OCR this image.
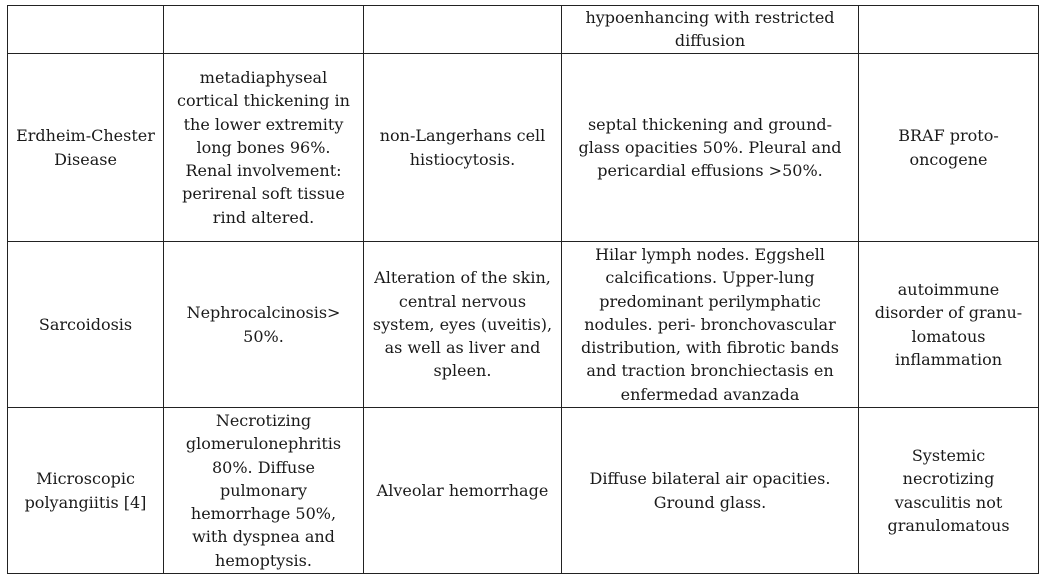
			hypoenhancing with restricted diffusion	

Erdheim-Chester Disease	metadiaphyseal cortical thickening in the lower extremity long bones 96%. Renal involvement: perirenal soft tissue rind altered.	non-Langerhans cell histiocytosis.	septal thickening and ground-glass opacities 50%. Pleural and pericardial effusions >50%.	BRAF proto-oncogene

Sarcoidosis	Nephrocalcinosis> 50%.	Alteration of the skin, central nervous system, eyes (uveitis), as well as liver and spleen.	Hilar lymph nodes. Eggshell calcifications. Upper-lung predominant perilymphatic nodules. peri- bronchovascular distribution, with fibrotic bands and traction bronchiectasis en enfermedad avanzada	autoimmune disorder of granu- lomatous inflammation

Microscopic polyangiitis [4]	Necrotizing glomerulonephritis 80%. Diffuse pulmonary hemorrhage 50%, with dyspnea and hemoptysis.	Alveolar hemorrhage	Diffuse bilateral air opacities. Ground glass.	Systemic necrotizing vasculitis not granulomatous
